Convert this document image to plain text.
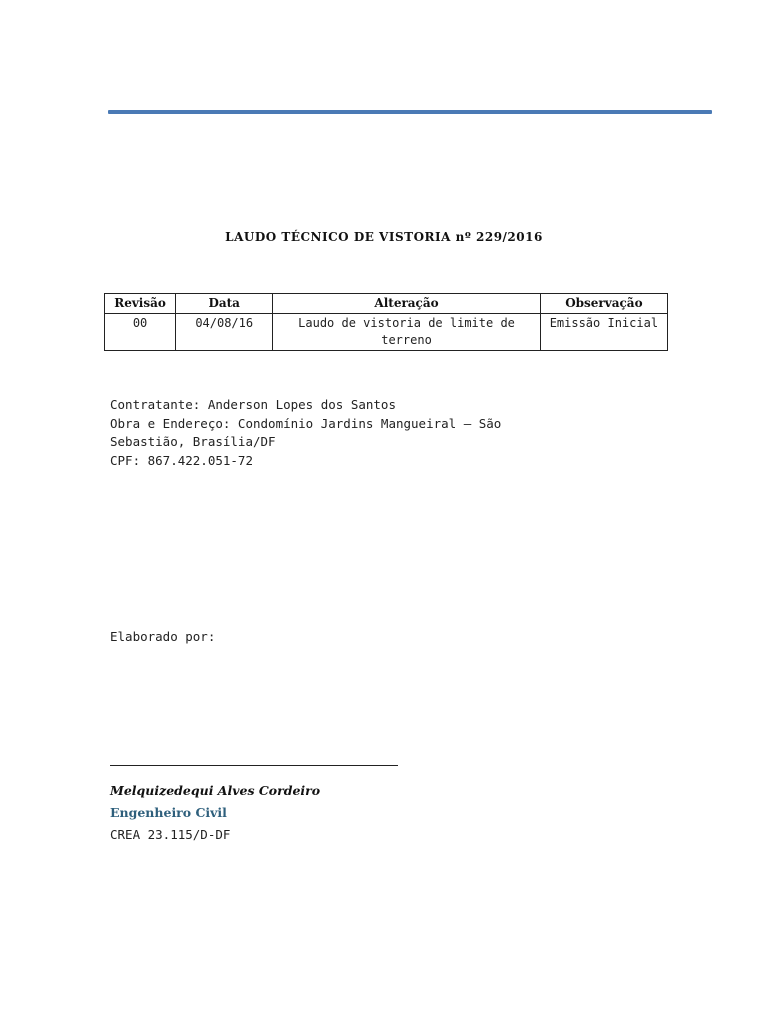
LAUDO TÉCNICO DE VISTORIA nº 229/2016
Revisão	Data	Alteração	Observação
00	04/08/16	Laudo de vistoria de limite de terreno	Emissão Inicial
Contratante: Anderson Lopes dos Santos
Obra e Endereço: Condomínio Jardins Mangueiral – São
Sebastião, Brasília/DF
CPF: 867.422.051-72
Elaborado por:
Melquizedequi Alves Cordeiro
Engenheiro Civil
CREA 23.115/D-DF
